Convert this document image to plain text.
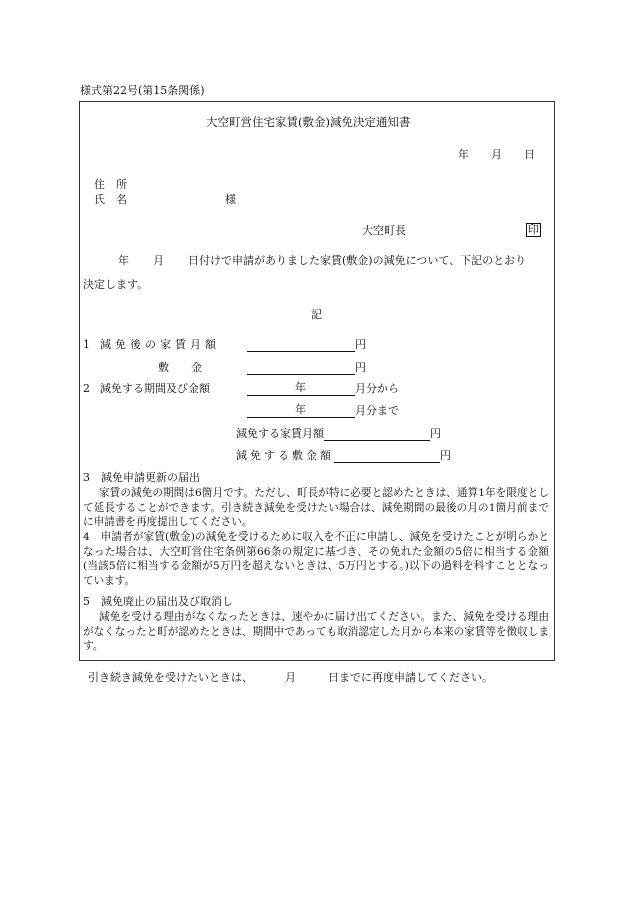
様式第22号(第15条関係)
大空町営住宅家賃(敷金)減免決定通知書
年 月 日
住　所
氏　名	様
大空町長	印
年 月 日付けで申請がありました家賃(敷金)の減免について、下記のとおり
決定します。
記
1 減免後の家賃月額	円
敷　　金	円
2 減免する期間及び金額	年	月分から
年	月分まで
減免する家賃月額	円
減免する敷金額	円
3　減免申請更新の届出
家賃の減免の期間は6箇月です。ただし、町長が特に必要と認めたときは、通算1年を限度として延長することができます。引き続き減免を受けたい場合は、減免期間の最後の月の1箇月前までに申請書を再度提出してください。
4　申請者が家賃(敷金)の減免を受けるために収入を不正に申請し、減免を受けたことが明らかとなった場合は、大空町営住宅条例第66条の規定に基づき、その免れた金額の5倍に相当する金額(当該5倍に相当する金額が5万円を超えないときは、5万円とする。)以下の過料を科すこととなっています。
5　減免廃止の届出及び取消し
減免を受ける理由がなくなったときは、速やかに届け出てください。また、減免を受ける理由がなくなったと町が認めたときは、期間中であっても取消認定した月から本来の家賃等を徴収します。
引き続き減免を受けたいときは、	月	日までに再度申請してください。
